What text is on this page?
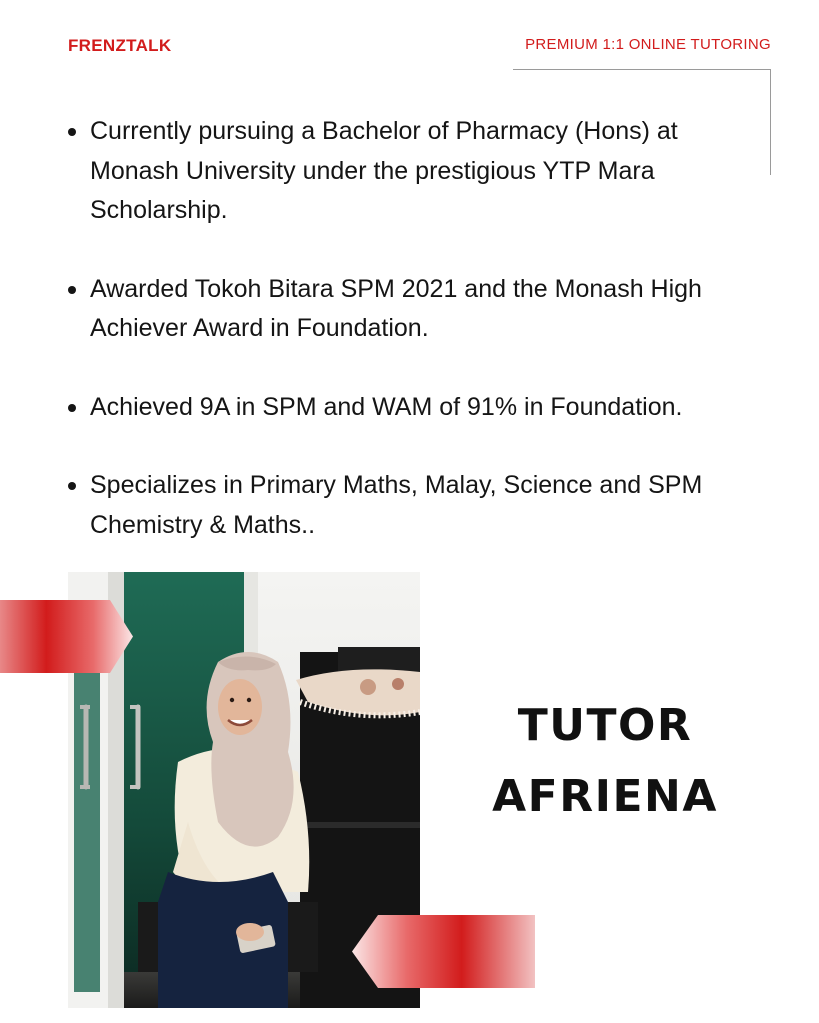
FRENZTALK	PREMIUM 1:1 ONLINE TUTORING
Currently pursuing a Bachelor of Pharmacy (Hons) at Monash University under the prestigious YTP Mara Scholarship.
Awarded Tokoh Bitara SPM 2021 and the Monash High Achiever Award in Foundation.
Achieved 9A in SPM and WAM of 91% in Foundation.
Specializes in Primary Maths, Malay, Science and SPM Chemistry & Maths..
TUTOR
AFRIENA
